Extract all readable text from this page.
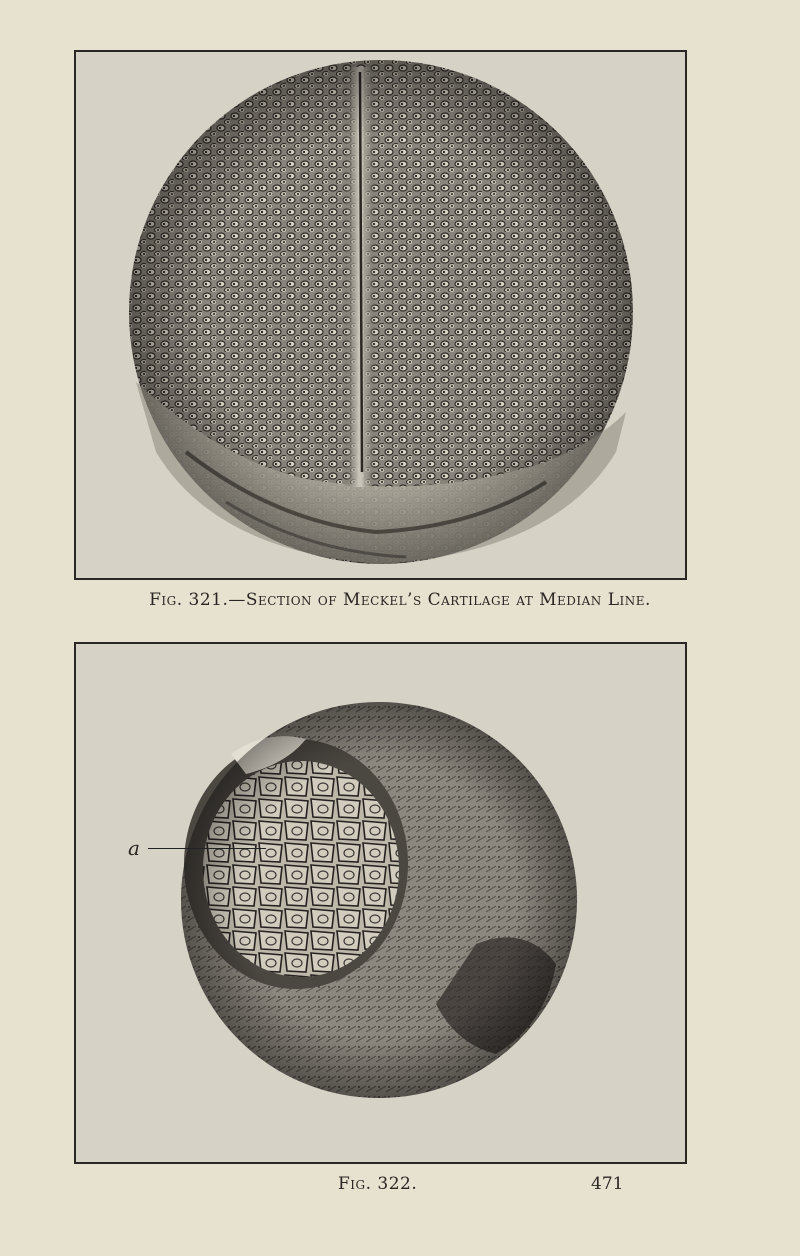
Fig. 321.—Section of Meckel’s Cartilage at Median Line.
a
Fig. 322.	471
